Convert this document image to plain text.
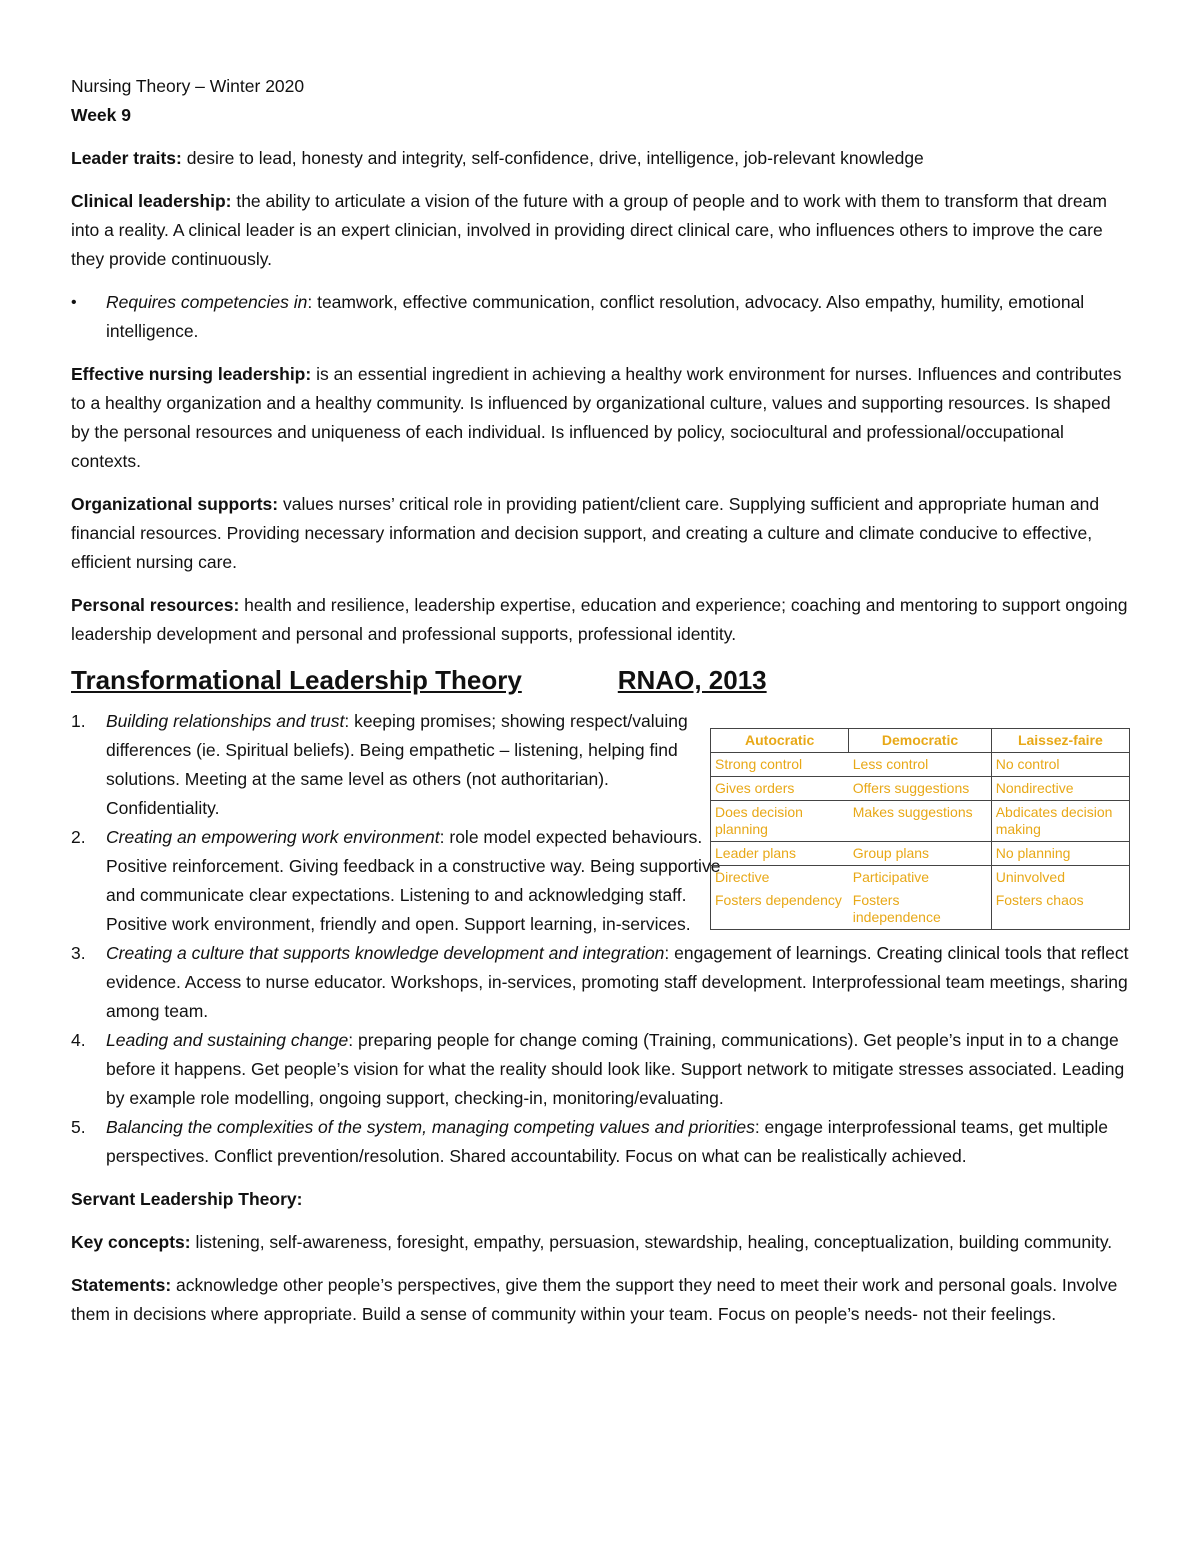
Nursing Theory – Winter 2020

Week 9

Leader traits: desire to lead, honesty and integrity, self-confidence, drive, intelligence, job-relevant knowledge

Clinical leadership: the ability to articulate a vision of the future with a group of people and to work with them to transform that dream into a reality. A clinical leader is an expert clinician, involved in providing direct clinical care, who influences others to improve the care they provide continuously.

• Requires competencies in: teamwork, effective communication, conflict resolution, advocacy. Also empathy, humility, emotional intelligence.

Effective nursing leadership: is an essential ingredient in achieving a healthy work environment for nurses. Influences and contributes to a healthy organization and a healthy community. Is influenced by organizational culture, values and supporting resources. Is shaped by the personal resources and uniqueness of each individual. Is influenced by policy, sociocultural and professional/occupational contexts.

Organizational supports: values nurses’ critical role in providing patient/client care. Supplying sufficient and appropriate human and financial resources. Providing necessary information and decision support, and creating a culture and climate conducive to effective, efficient nursing care.

Personal resources: health and resilience, leadership expertise, education and experience; coaching and mentoring to support ongoing leadership development and personal and professional supports, professional identity.

Transformational Leadership Theory	RNAO, 2013
1. Building relationships and trust: keeping promises; showing respect/valuing differences (ie. Spiritual beliefs). Being empathetic – listening, helping find solutions. Meeting at the same level as others (not authoritarian). Confidentiality.
2. Creating an empowering work environment: role model expected behaviours. Positive reinforcement. Giving feedback in a constructive way. Being supportive and communicate clear expectations. Listening to and acknowledging staff. Positive work environment, friendly and open. Support learning, in-services.
3. Creating a culture that supports knowledge development and integration: engagement of learnings. Creating clinical tools that reflect evidence. Access to nurse educator. Workshops, in-services, promoting staff development. Interprofessional team meetings, sharing among team.
4. Leading and sustaining change: preparing people for change coming (Training, communications). Get people’s input in to a change before it happens. Get people’s vision for what the reality should look like. Support network to mitigate stresses associated. Leading by example role modelling, ongoing support, checking-in, monitoring/evaluating.
5. Balancing the complexities of the system, managing competing values and priorities: engage interprofessional teams, get multiple perspectives. Conflict prevention/resolution. Shared accountability. Focus on what can be realistically achieved.

Servant Leadership Theory:

Key concepts: listening, self-awareness, foresight, empathy, persuasion, stewardship, healing, conceptualization, building community.

Statements: acknowledge other people’s perspectives, give them the support they need to meet their work and personal goals. Involve them in decisions where appropriate. Build a sense of community within your team. Focus on people’s needs- not their feelings.

Autocratic	Democratic	Laissez-faire
Strong control	Less control	No control
Gives orders	Offers suggestions	Nondirective
Does decision planning	Makes suggestions	Abdicates decision making
Leader plans	Group plans	No planning
Directive	Participative	Uninvolved
Fosters dependency	Fosters independence	Fosters chaos
